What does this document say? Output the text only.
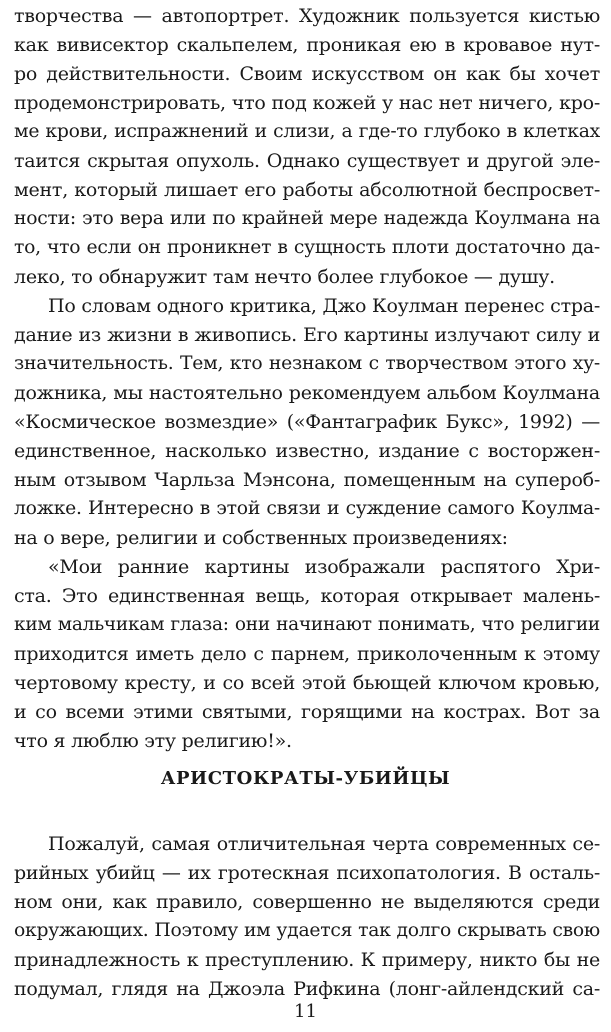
творчества — автопортрет. Художник пользуется кистью
как вивисектор скальпелем, проникая ею в кровавое нут-
ро действительности. Своим искусством он как бы хочет
продемонстрировать, что под кожей у нас нет ничего, кро-
ме крови, испражнений и слизи, а где-то глубоко в клетках
таится скрытая опухоль. Однако существует и другой эле-
мент, который лишает его работы абсолютной беспросвет-
ности: это вера или по крайней мере надежда Коулмана на
то, что если он проникнет в сущность плоти достаточно да-
леко, то обнаружит там нечто более глубокое — душу.
По словам одного критика, Джо Коулман перенес стра-
дание из жизни в живопись. Его картины излучают силу и
значительность. Тем, кто незнаком с творчеством этого ху-
дожника, мы настоятельно рекомендуем альбом Коулмана
«Космическое возмездие» («Фантаграфик Букс», 1992) —
единственное, насколько известно, издание с восторжен-
ным отзывом Чарльза Мэнсона, помещенным на супероб-
ложке. Интересно в этой связи и суждение самого Коулма-
на о вере, религии и собственных произведениях:
«Мои ранние картины изображали распятого Хри-
ста. Это единственная вещь, которая открывает малень-
ким мальчикам глаза: они начинают понимать, что религии
приходится иметь дело с парнем, приколоченным к этому
чертовому кресту, и со всей этой бьющей ключом кровью,
и со всеми этими святыми, горящими на кострах. Вот за
что я люблю эту религию!».
АРИСТОКРАТЫ-УБИЙЦЫ
Пожалуй, самая отличительная черта современных се-
рийных убийц — их гротескная психопатология. В осталь-
ном они, как правило, совершенно не выделяются среди
окружающих. Поэтому им удается так долго скрывать свою
принадлежность к преступлению. К примеру, никто бы не
подумал, глядя на Джоэла Рифкина (лонг-айлендский са-
11
